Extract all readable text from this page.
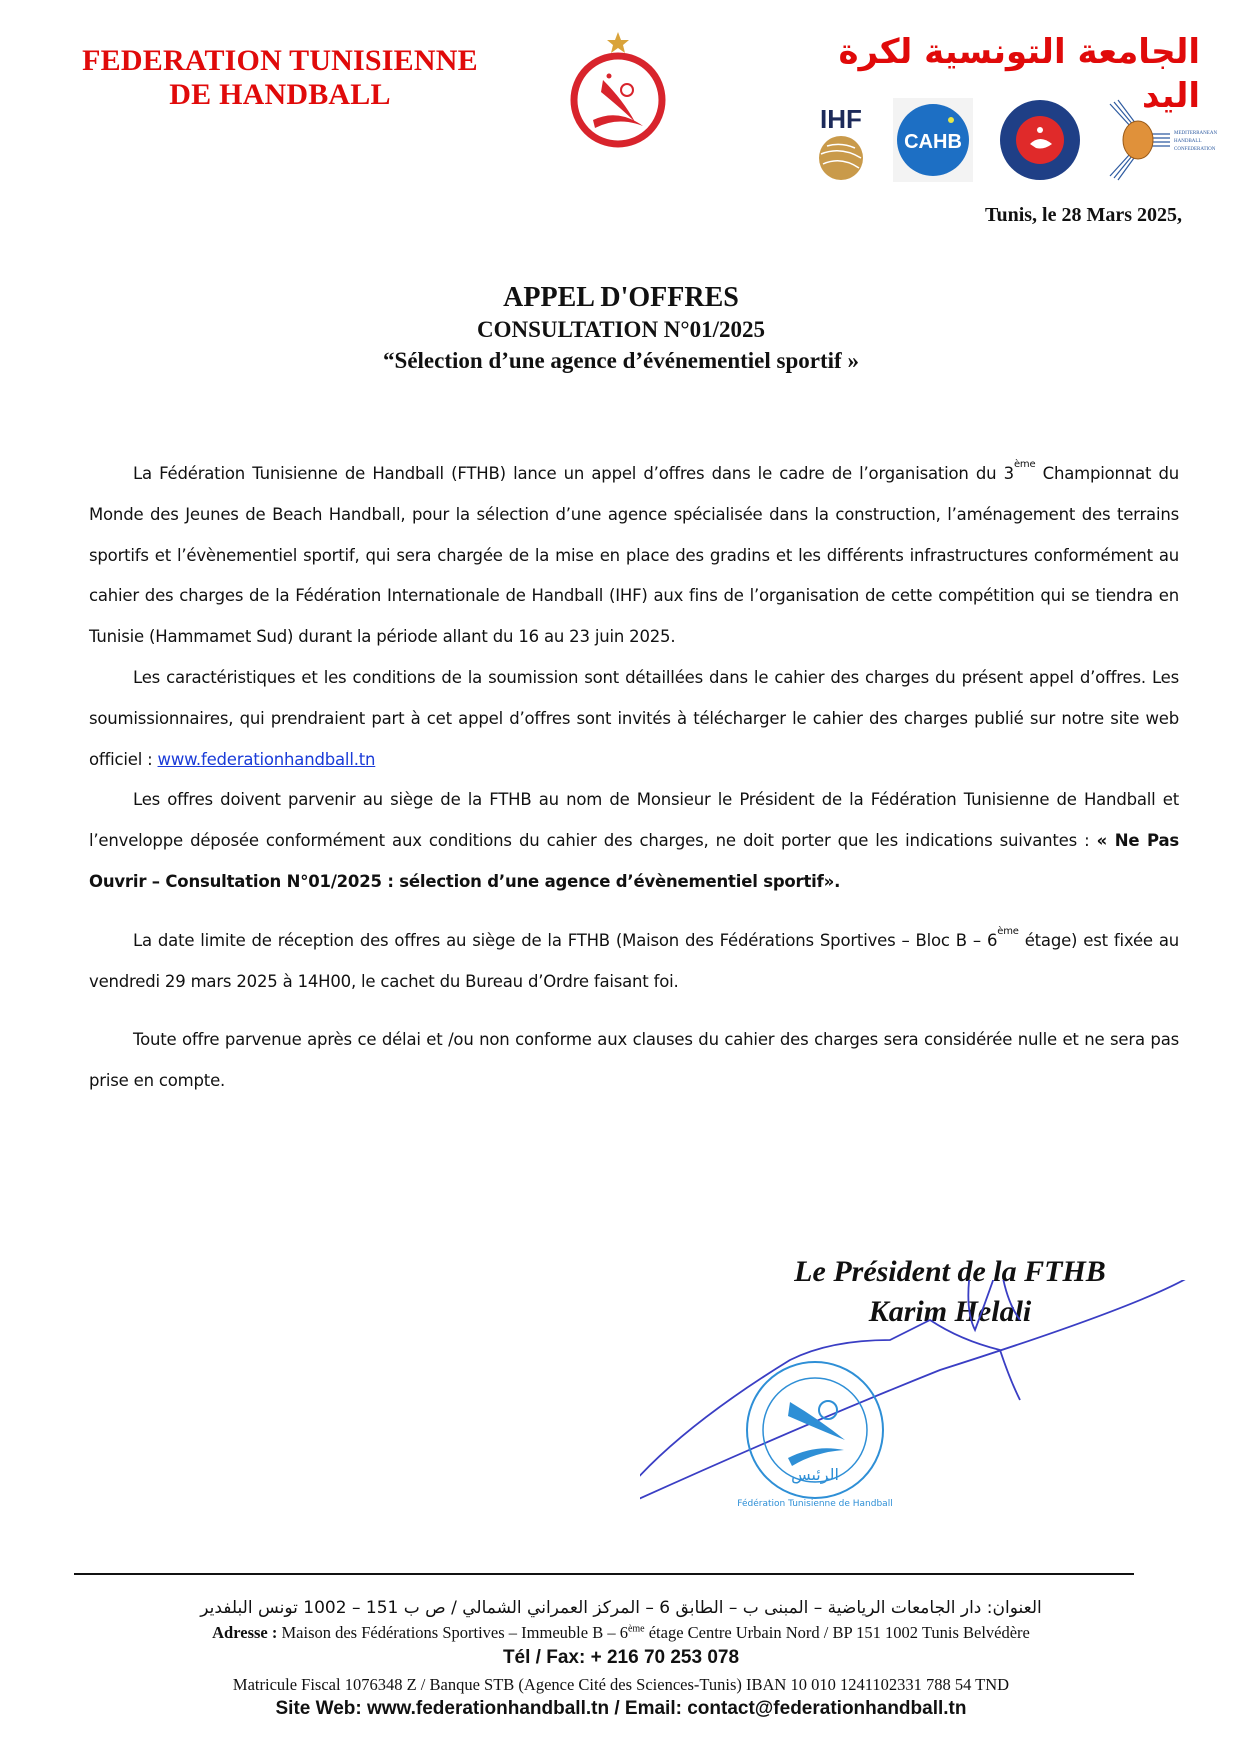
FEDERATION TUNISIENNE
DE HANDBALL
الجامعة التونسية لكرة اليد
IHF
CAHB	MEDITERRANEAN
HANDBALL
CONFEDERATION
Tunis, le 28 Mars 2025,
APPEL D'OFFRES
CONSULTATION N°01/2025
“Sélection d’une agence d’événementiel sportif »

La Fédération Tunisienne de Handball (FTHB) lance un appel d’offres dans le cadre de l’organisation du 3ème Championnat du Monde des Jeunes de Beach Handball, pour la sélection d’une agence spécialisée dans la construction, l’aménagement des terrains sportifs et l’évènementiel sportif, qui sera chargée de la mise en place des gradins et les différents infrastructures conformément au cahier des charges de la Fédération Internationale de Handball (IHF) aux fins de l’organisation de cette compétition qui se tiendra en Tunisie (Hammamet Sud) durant la période allant du 16 au 23 juin 2025.

Les caractéristiques et les conditions de la soumission sont détaillées dans le cahier des charges du présent appel d’offres. Les soumissionnaires, qui prendraient part à cet appel d’offres sont invités à télécharger le cahier des charges publié sur notre site web officiel : www.federationhandball.tn

Les offres doivent parvenir au siège de la FTHB au nom de Monsieur le Président de la Fédération Tunisienne de Handball et l’enveloppe déposée conformément aux conditions du cahier des charges, ne doit porter que les indications suivantes : « Ne Pas Ouvrir – Consultation N°01/2025 : sélection d’une agence d’évènementiel sportif».

La date limite de réception des offres au siège de la FTHB (Maison des Fédérations Sportives – Bloc B – 6ème étage) est fixée au vendredi 29 mars 2025 à 14H00, le cachet du Bureau d’Ordre faisant foi.

Toute offre parvenue après ce délai et /ou non conforme aux clauses du cahier des charges sera considérée nulle et ne sera pas prise en compte.

Le Président de la FTHB
Karim Helali
الرئيس
Fédération Tunisienne de Handball
العنوان: دار الجامعات الرياضية – المبنى ب – الطابق 6 – المركز العمراني الشمالي / ص ب 151 – 1002 تونس البلفدير
Adresse : Maison des Fédérations Sportives – Immeuble B – 6ème étage Centre Urbain Nord / BP 151 1002 Tunis Belvédère
Tél / Fax: + 216 70 253 078
Matricule Fiscal 1076348 Z / Banque STB (Agence Cité des Sciences-Tunis) IBAN 10 010 1241102331 788 54 TND
Site Web: www.federationhandball.tn / Email: contact@federationhandball.tn
